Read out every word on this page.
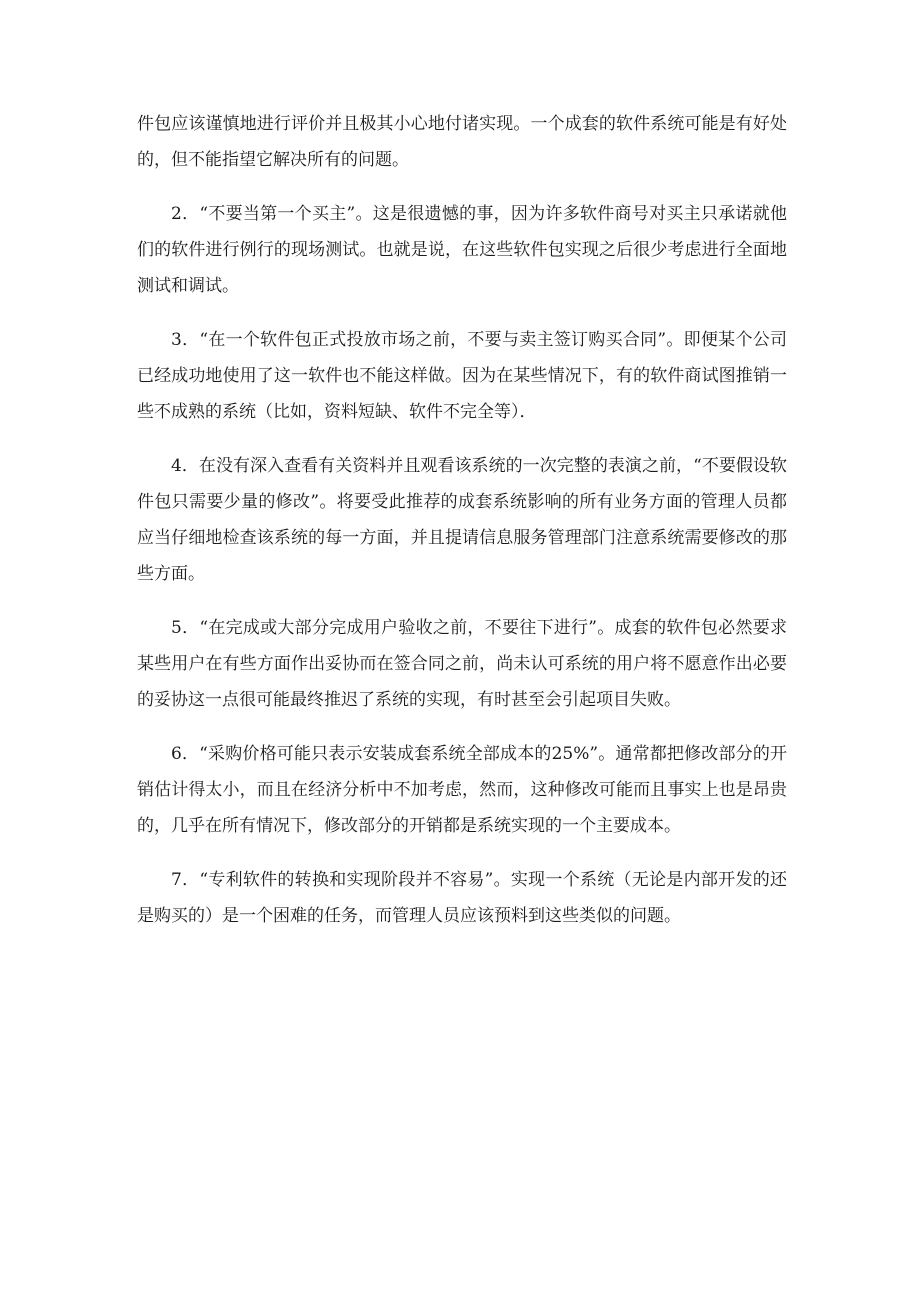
件包应该谨慎地进行评价并且极其小心地付诸实现。一个成套的软件系统可能是有好处的，但不能指望它解决所有的问题。

2．“不要当第一个买主”。这是很遗憾的事，因为许多软件商号对买主只承诺就他们的软件进行例行的现场测试。也就是说，在这些软件包实现之后很少考虑进行全面地测试和调试。

3．“在一个软件包正式投放市场之前，不要与卖主签订购买合同”。即便某个公司已经成功地使用了这一软件也不能这样做。因为在某些情况下，有的软件商试图推销一些不成熟的系统（比如，资料短缺、软件不完全等）．

4．在没有深入查看有关资料并且观看该系统的一次完整的表演之前，“不要假设软件包只需要少量的修改”。将要受此推荐的成套系统影响的所有业务方面的管理人员都应当仔细地检查该系统的每一方面，并且提请信息服务管理部门注意系统需要修改的那些方面。

5．“在完成或大部分完成用户验收之前，不要往下进行”。成套的软件包必然要求某些用户在有些方面作出妥协而在签合同之前，尚未认可系统的用户将不愿意作出必要的妥协这一点很可能最终推迟了系统的实现，有时甚至会引起项目失败。

6．“采购价格可能只表示安装成套系统全部成本的25%”。通常都把修改部分的开销估计得太小，而且在经济分析中不加考虑，然而，这种修改可能而且事实上也是昂贵的，几乎在所有情况下，修改部分的开销都是系统实现的一个主要成本。

7．“专利软件的转换和实现阶段并不容易”。实现一个系统（无论是内部开发的还是购买的）是一个困难的任务，而管理人员应该预料到这些类似的问题。
